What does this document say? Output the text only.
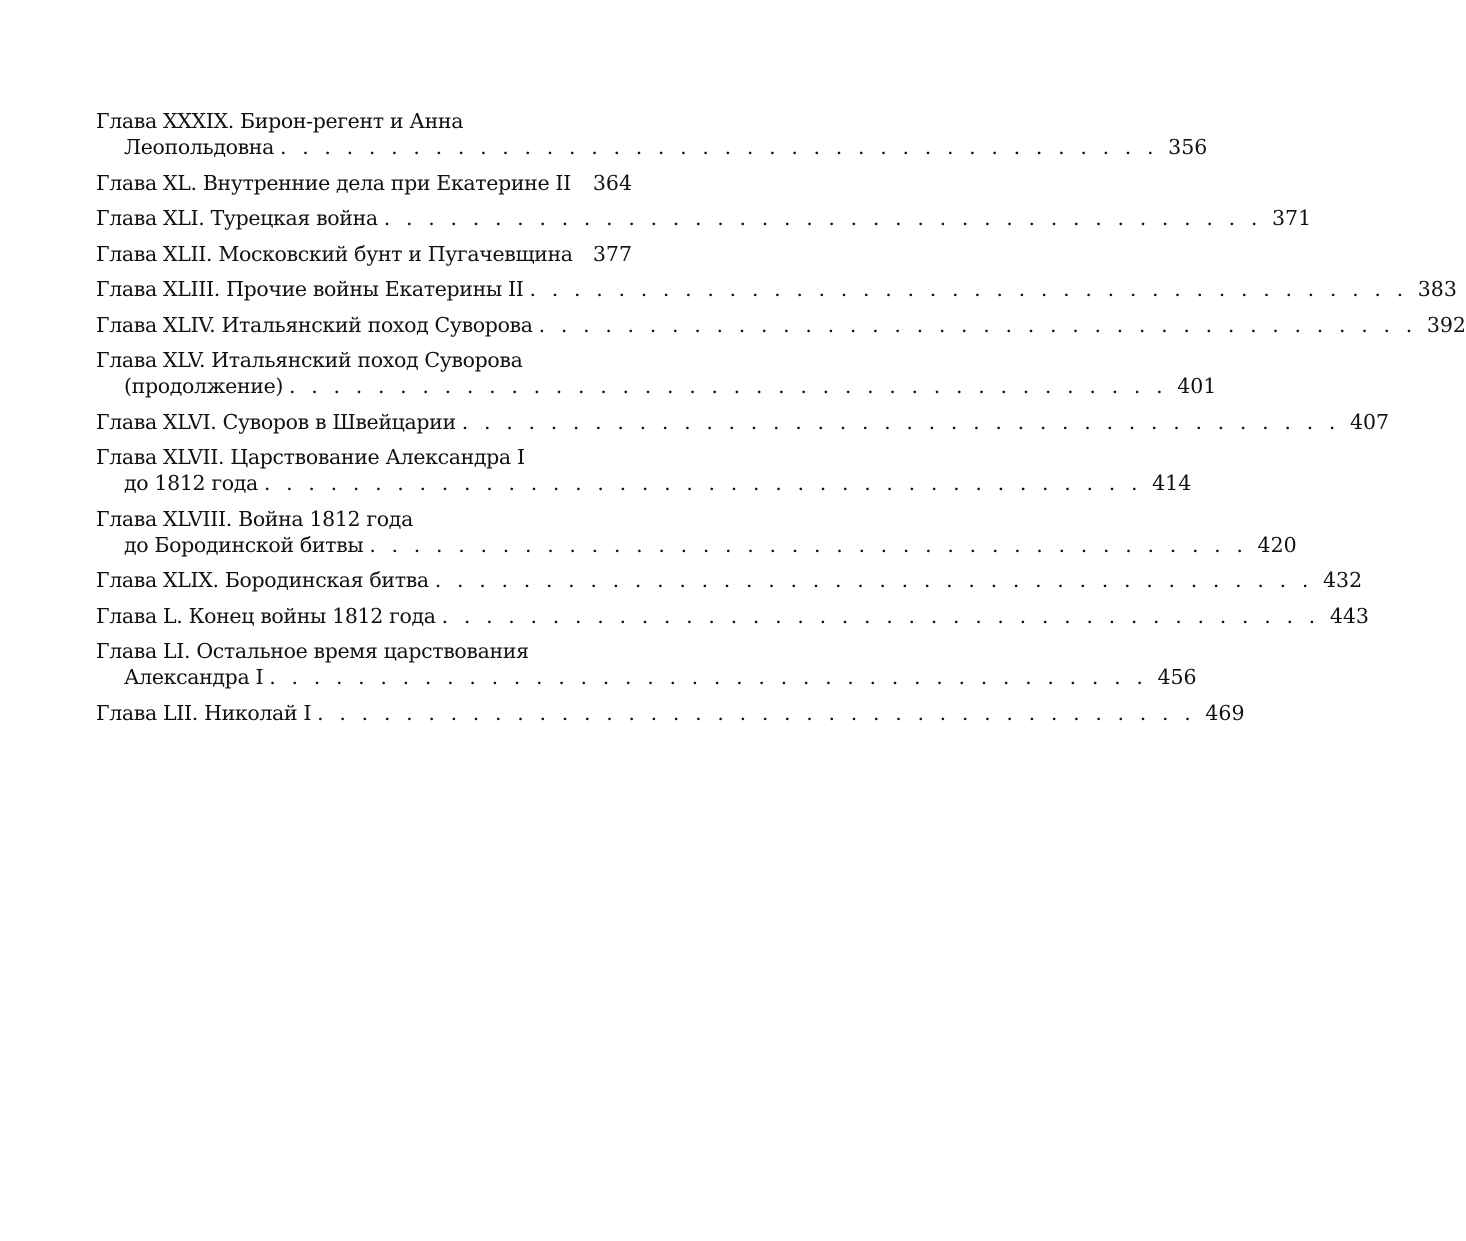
Глава XXXIX. Бирон-регент и Анна
Леопольдовна . . . . . . . . . . . . . . . . . . . . . . . . . . . . . . . . . . . . . . . . 356
Глава XL. Внутренние дела при Екатерине II	364
Глава XLI. Турецкая война . . . . . . . . . . . . . . . . . . . . . . . . . . . . . . . . . . . . . . . . 371
Глава XLII. Московский бунт и Пугачевщина 377
Глава XLIII. Прочие войны Екатерины II . . . . . . . . . . . . . . . . . . . . . . . . . . . . . . . . . . . . . . . . 383
Глава XLIV. Итальянский поход Суворова . . . . . . . . . . . . . . . . . . . . . . . . . . . . . . . . . . . . . . . . 392
Глава XLV. Итальянский поход Суворова
(продолжение) . . . . . . . . . . . . . . . . . . . . . . . . . . . . . . . . . . . . . . . . 401
Глава XLVI. Суворов в Швейцарии . . . . . . . . . . . . . . . . . . . . . . . . . . . . . . . . . . . . . . . . 407
Глава XLVII. Царствование Александра I
до 1812 года . . . . . . . . . . . . . . . . . . . . . . . . . . . . . . . . . . . . . . . . 414
Глава XLVIII. Война 1812 года
до Бородинской битвы . . . . . . . . . . . . . . . . . . . . . . . . . . . . . . . . . . . . . . . . 420
Глава XLIX. Бородинская битва . . . . . . . . . . . . . . . . . . . . . . . . . . . . . . . . . . . . . . . . 432
Глава L. Конец войны 1812 года . . . . . . . . . . . . . . . . . . . . . . . . . . . . . . . . . . . . . . . . 443
Глава LI. Остальное время царствования
Александра I . . . . . . . . . . . . . . . . . . . . . . . . . . . . . . . . . . . . . . . . 456
Глава LII. Николай I . . . . . . . . . . . . . . . . . . . . . . . . . . . . . . . . . . . . . . . . 469
